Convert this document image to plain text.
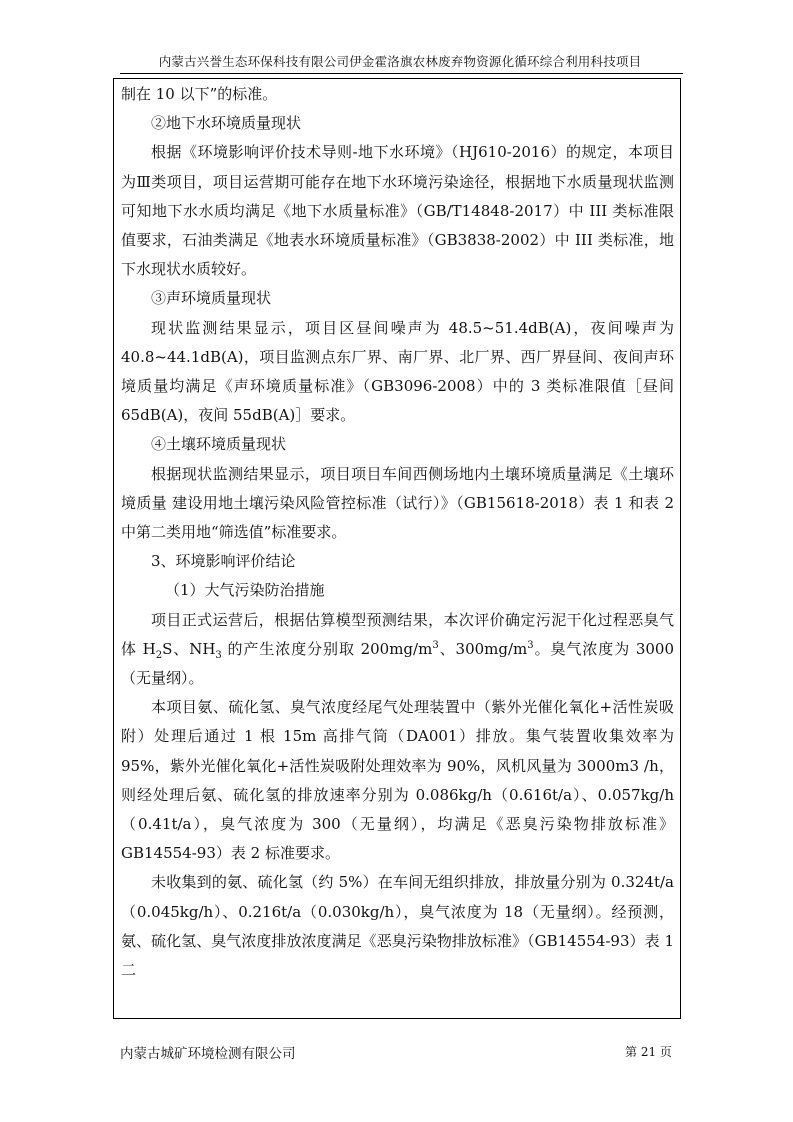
内蒙古兴誉生态环保科技有限公司伊金霍洛旗农林废弃物资源化循环综合利用科技项目

制在 10 以下”的标准。

②地下水环境质量现状

根据《环境影响评价技术导则-地下水环境》（HJ610-2016）的规定，本项目为Ⅲ类项目，项目运营期可能存在地下水环境污染途径，根据地下水质量现状监测可知地下水水质均满足《地下水质量标准》（GB/T14848-2017）中 III 类标准限值要求，石油类满足《地表水环境质量标准》（GB3838-2002）中 III 类标准，地下水现状水质较好。

③声环境质量现状

现状监测结果显示，项目区昼间噪声为 48.5~51.4dB(A)，夜间噪声为 40.8~44.1dB(A)，项目监测点东厂界、南厂界、北厂界、西厂界昼间、夜间声环境质量均满足《声环境质量标准》（GB3096-2008）中的 3 类标准限值［昼间 65dB(A)，夜间 55dB(A)］要求。

④土壤环境质量现状

根据现状监测结果显示，项目项目车间西侧场地内土壤环境质量满足《土壤环境质量 建设用地土壤污染风险管控标准（试行）》（GB15618-2018）表 1 和表 2 中第二类用地“筛选值”标准要求。

3、环境影响评价结论

（1）大气污染防治措施

项目正式运营后，根据估算模型预测结果，本次评价确定污泥干化过程恶臭气体 $H_2S$、$NH_3$ 的产生浓度分别取 $200mg/m^3$、$300mg/m^3$。臭气浓度为 3000（无量纲）。

本项目氨、硫化氢、臭气浓度经尾气处理装置中（紫外光催化氧化+活性炭吸附）处理后通过 1 根 15m 高排气筒（DA001）排放。集气装置收集效率为 95%，紫外光催化氧化+活性炭吸附处理效率为 90%，风机风量为 3000m3 /h，则经处理后氨、硫化氢的排放速率分别为 0.086kg/h（0.616t/a）、0.057kg/h（0.41t/a），臭气浓度为 300（无量纲），均满足《恶臭污染物排放标准》GB14554-93）表 2 标准要求。

未收集到的氨、硫化氢（约 5%）在车间无组织排放，排放量分别为 0.324t/a（0.045kg/h）、0.216t/a（0.030kg/h），臭气浓度为 18（无量纲）。经预测，氨、硫化氢、臭气浓度排放浓度满足《恶臭污染物排放标准》（GB14554-93）表 1 二

内蒙古城矿环境检测有限公司	第 21 页
